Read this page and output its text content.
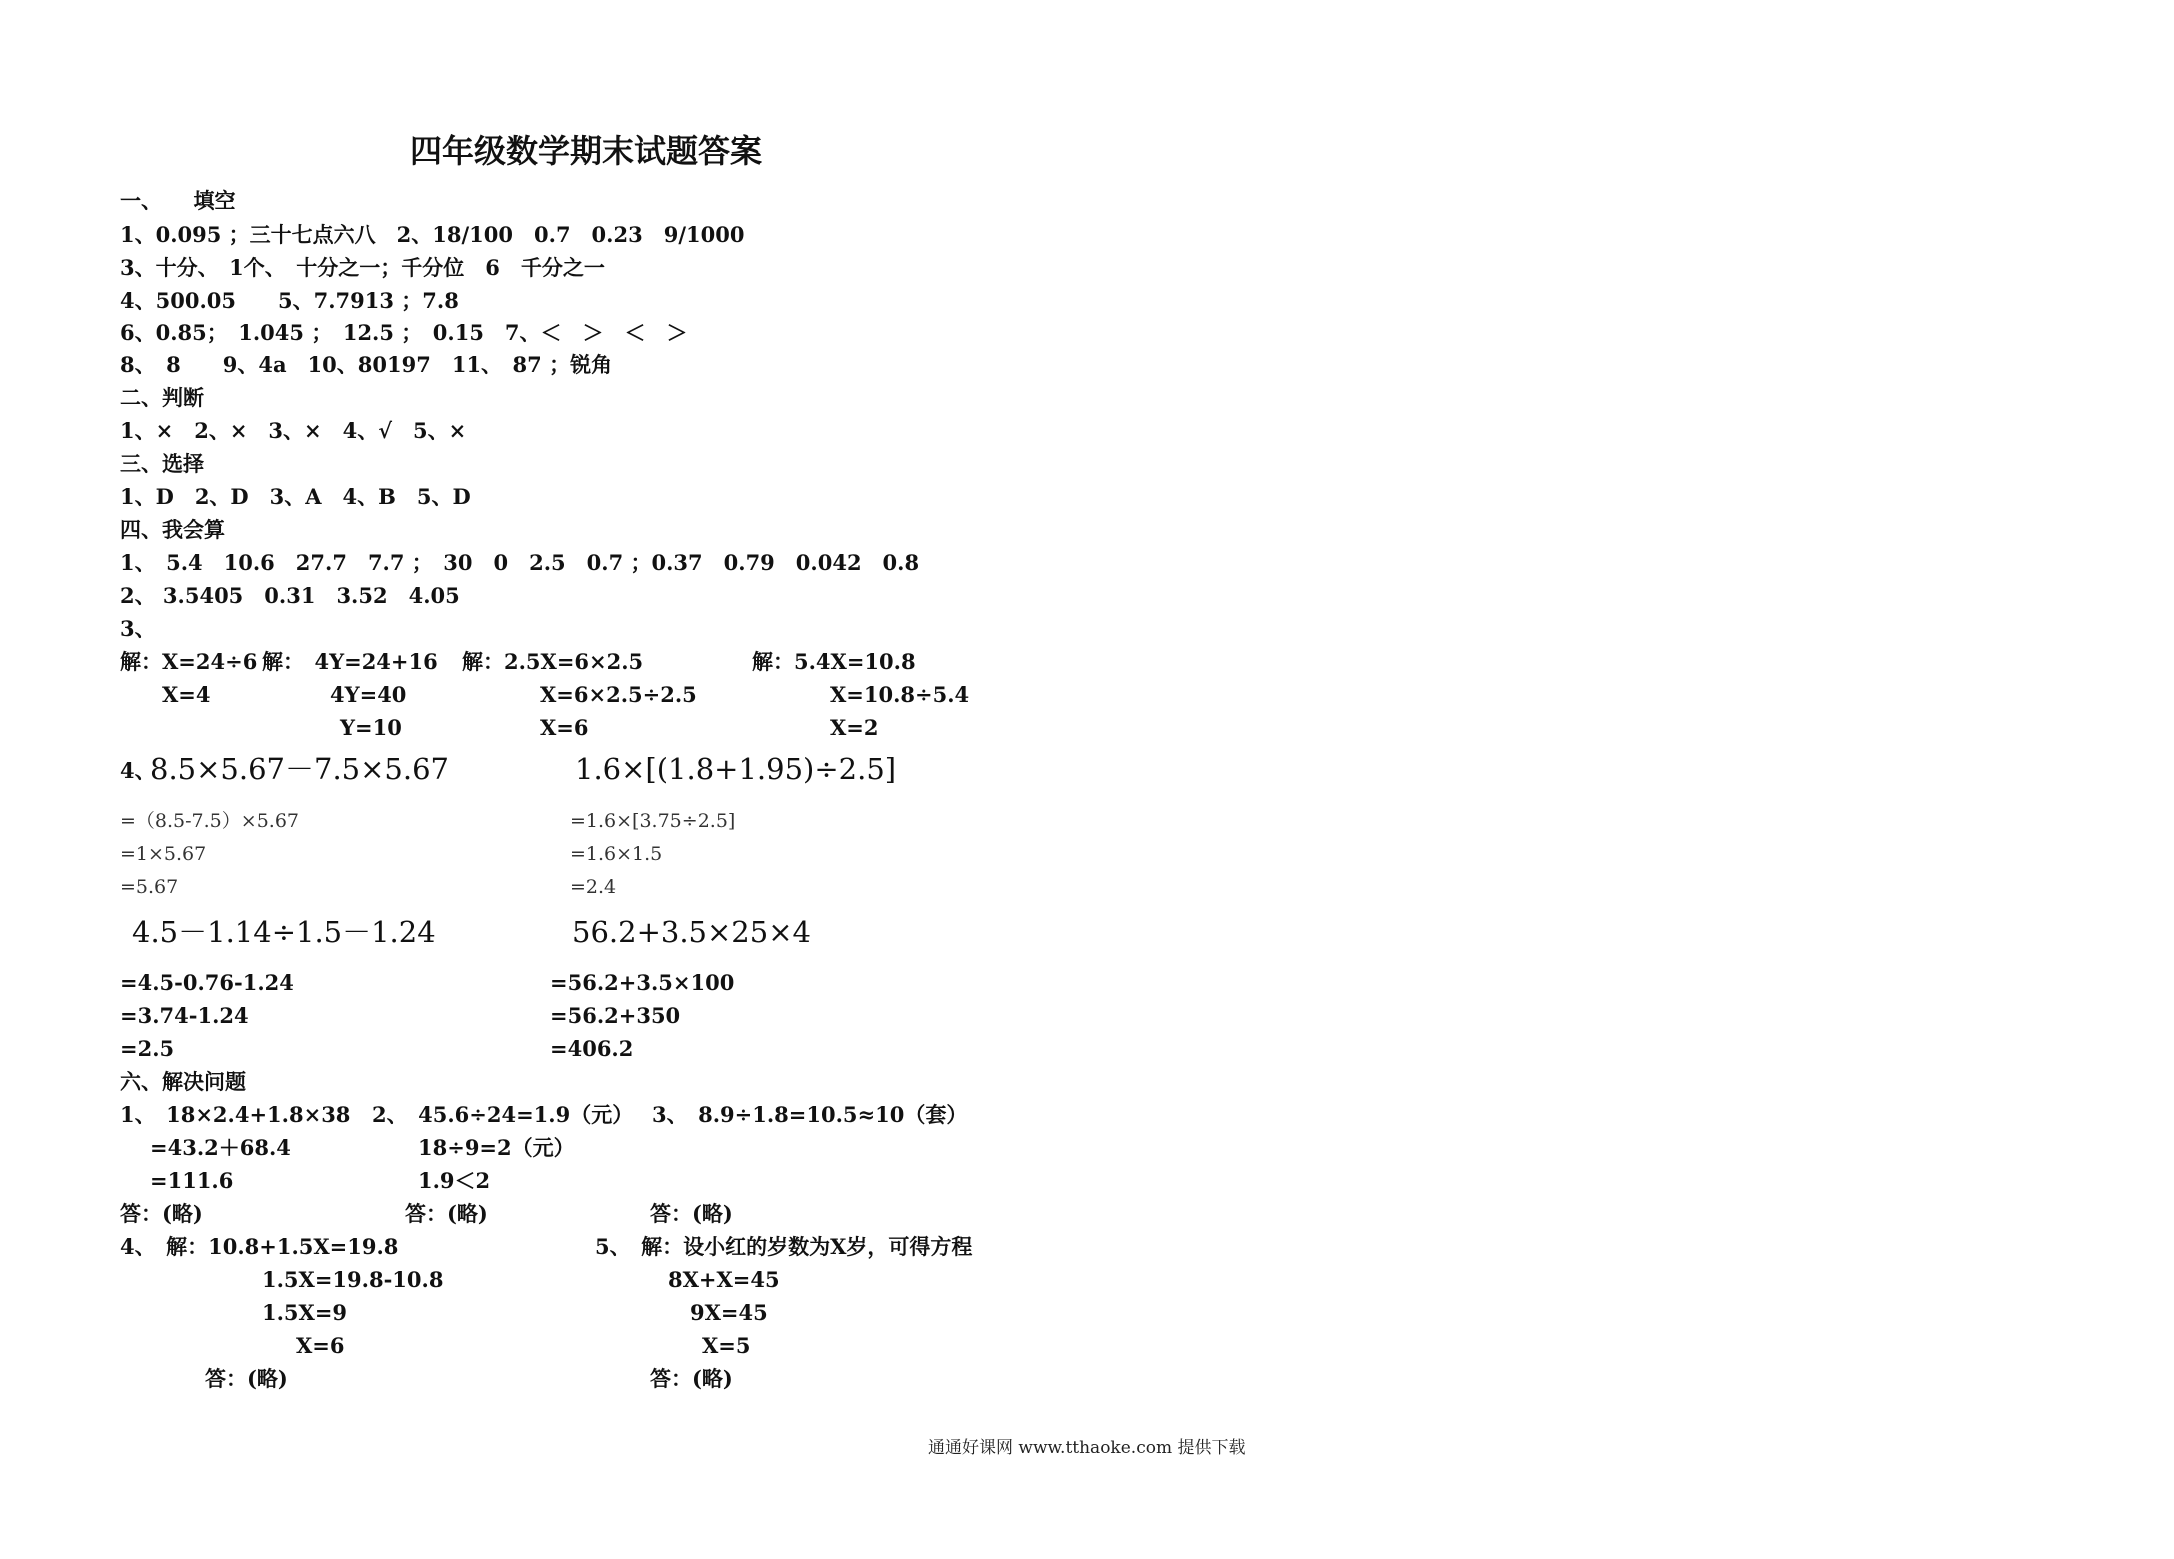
四年级数学期末试题答案
一、　　填空
1、0.095 ；三十七点六八　2、18/100　0.7　0.23　9/1000
3、十分、　1个、　十分之一；千分位　6　千分之一
4、500.05　　5、7.7913 ；7.8
6、0.85；　1.045 ；　12.5 ；　0.15　7、＜　＞　＜　＞
8、　8　　9、4a　10、80197　11、　87 ；锐角
二、判断
1、×　2、×　3、×　4、√　5、×
三、选择
1、D　2、D　3、A　4、B　5、D
四、我会算
1、　5.4　10.6　27.7　7.7 ；　30　0　2.5　0.7 ；0.37　0.79　0.042　0.8
2、 3.5405　0.31　3.52　4.05
3、
解：X=24÷6
X=4
解：　4Y=24+16
4Y=40
Y=10
解：2.5X=6×2.5
X=6×2.5÷2.5
X=6
解：5.4X=10.8
X=10.8÷5.4
X=2
4、
8.5×5.67－7.5×5.67
=（8.5-7.5）×5.67
=1×5.67
=5.67
1.6×[(1.8+1.95)÷2.5]
=1.6×[3.75÷2.5]
=1.6×1.5
=2.4
4.5－1.14÷1.5－1.24
=4.5-0.76-1.24
=3.74-1.24
=2.5
56.2+3.5×25×4
=56.2+3.5×100
=56.2+350
=406.2
六、解决问题
1、　18×2.4+1.8×38
=43.2＋68.4
=111.6
2、　45.6÷24=1.9（元）
18÷9=2（元）
1.9＜2
3、　8.9÷1.8=10.5≈10（套）
答：(略)	答：(略)	答：(略)
4、　解：10.8+1.5X=19.8
1.5X=19.8-10.8
1.5X=9
X=6
答：(略)
5、　解：设小红的岁数为X岁，可得方程
8X+X=45
9X=45
X=5
答：(略)
通通好课网 www.tthaoke.com 提供下载
